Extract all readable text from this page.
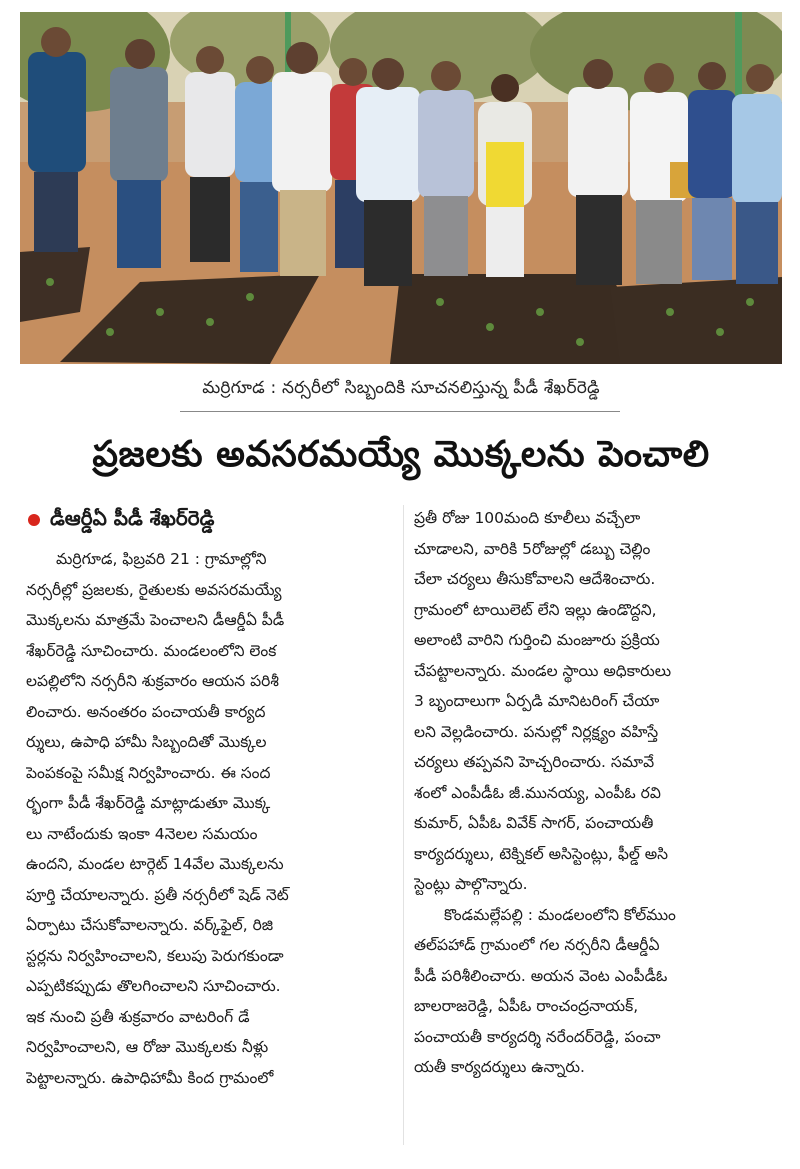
మర్రిగూడ : నర్సరీలో సిబ్బందికి సూచనలిస్తున్న పీడీ శేఖర్‌రెడ్డి
ప్రజలకు అవసరమయ్యే మొక్కలను పెంచాలి
డీఆర్డీఏ పీడీ శేఖర్‌రెడ్డి
మర్రిగూడ, ఫిబ్రవరి 21 : గ్రామాల్లోని
నర్సరీల్లో ప్రజలకు, రైతులకు అవసరమయ్యే
మొక్కలను మాత్రమే పెంచాలని డీఆర్డీఏ పీడీ
శేఖర్‌రెడ్డి సూచించారు. మండలంలోని లెంక
లపల్లిలోని నర్సరీని శుక్రవారం ఆయన పరిశీ
లించారు. అనంతరం పంచాయతీ కార్యద
ర్శులు, ఉపాధి హామీ సిబ్బందితో మొక్కల
పెంపకంపై సమీక్ష నిర్వహించారు. ఈ సంద
ర్భంగా పీడీ శేఖర్‌రెడ్డి మాట్లాడుతూ మొక్క
లు నాటేందుకు ఇంకా 4నెలల సమయం
ఉందని, మండల టార్గెట్ 14వేల మొక్కలను
పూర్తి చేయాలన్నారు. ప్రతీ నర్సరీలో షెడ్ నెట్
ఏర్పాటు చేసుకోవాలన్నారు. వర్క్‌ఫైల్, రిజి
స్టర్లను నిర్వహించాలని, కలుపు పెరుగకుండా
ఎప్పటికప్పుడు తొలగించాలని సూచించారు.
ఇక నుంచి ప్రతీ శుక్రవారం వాటరింగ్ డే
నిర్వహించాలని, ఆ రోజు మొక్కలకు నీళ్లు
పెట్టాలన్నారు. ఉపాధిహామీ కింద గ్రామంలో
ప్రతీ రోజు 100మంది కూలీలు వచ్చేలా
చూడాలని, వారికి 5రోజుల్లో డబ్బు చెల్లిం
చేలా చర్యలు తీసుకోవాలని ఆదేశించారు.
గ్రామంలో టాయిలెట్ లేని ఇల్లు ఉండొద్దని,
అలాంటి వారిని గుర్తించి మంజూరు ప్రక్రియ
చేపట్టాలన్నారు. మండల స్థాయి అధికారులు
3 బృందాలుగా ఏర్పడి మానిటరింగ్ చేయా
లని వెల్లడించారు. పనుల్లో నిర్లక్ష్యం వహిస్తే
చర్యలు తప్పవని హెచ్చరించారు. సమావే
శంలో ఎంపీడీఓ జీ.మునయ్య, ఎంపీఓ రవి
కుమార్, ఏపీఓ వివేక్ సాగర్, పంచాయతీ
కార్యదర్శులు, టెక్నికల్ అసిస్టెంట్లు, ఫీల్డ్ అసి
స్టెంట్లు పాల్గొన్నారు.
కొండమల్లేపల్లి : మండలంలోని కోల్‌ముం
తల్‌పహాడ్ గ్రామంలో గల నర్సరీని డీఆర్డీఏ
పీడీ పరిశీలించారు. అయన వెంట ఎంపీడీఓ
బాలరాజరెడ్డి, ఏపీఓ రాంచంద్రనాయక్,
పంచాయతీ కార్యదర్శి నరేందర్‌రెడ్డి, పంచా
యతీ కార్యదర్శులు ఉన్నారు.
